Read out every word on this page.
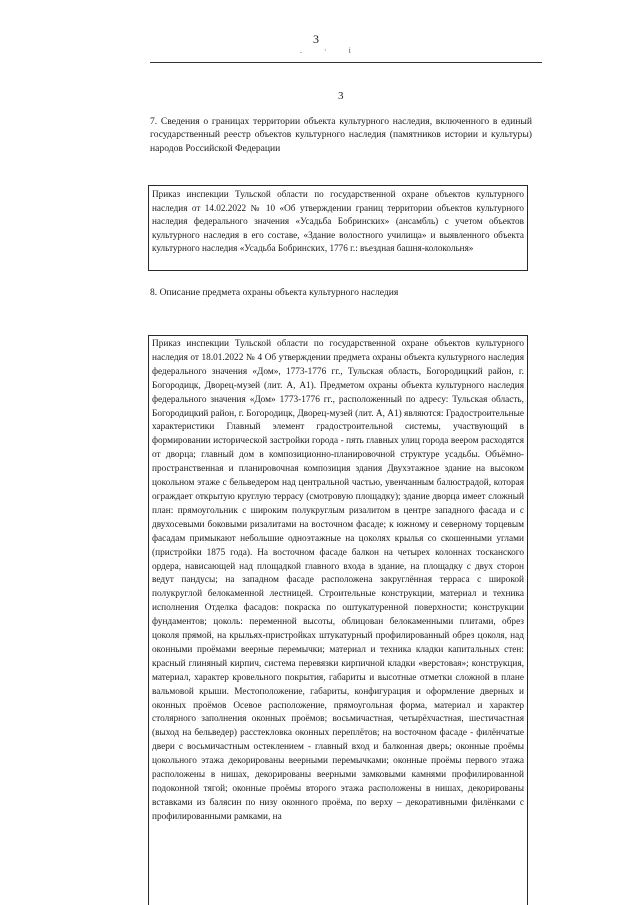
3
. · i
3
7. Сведения о границах территории объекта культурного наследия, включенного в единый государственный реестр объектов культурного наследия (памятников истории и культуры) народов Российской Федерации
Приказ инспекции Тульской области по государственной охране объектов культурного наследия от 14.02.2022 № 10 «Об утверждении границ территории объектов культурного наследия федерального значения «Усадьба Бобринских» (ансамбль) с учетом объектов культурного наследия в его составе, «Здание волостного училища» и выявленного объекта культурного наследия «Усадьба Бобринских, 1776 г.: въездная башня-колокольня»
8. Описание предмета охраны объекта культурного наследия
Приказ инспекции Тульской области по государственной охране объектов культурного наследия от 18.01.2022 № 4 Об утверждении предмета охраны объекта культурного наследия федерального значения «Дом», 1773-1776 гг., Тульская область, Богородицкий район, г. Богородицк, Дворец-музей (лит. А, А1). Предметом охраны объекта культурного наследия федерального значения «Дом» 1773-1776 гг., расположенный по адресу: Тульская область, Богородицкий район, г. Богородицк, Дворец-музей (лит. А, А1) являются: Градостроительные характеристики Главный элемент градостроительной системы, участвующий в формировании исторической застройки города - пять главных улиц города веером расходятся от дворца; главный дом в композиционно-планировочной структуре усадьбы. Объёмно-пространственная и планировочная композиция здания Двухэтажное здание на высоком цокольном этаже с бельведером над центральной частью, увенчанным балюстрадой, которая ограждает открытую круглую террасу (смотровую площадку); здание дворца имеет сложный план: прямоугольник с широким полукруглым ризалитом в центре западного фасада и с двухосевыми боковыми ризалитами на восточном фасаде; к южному и северному торцевым фасадам примыкают небольшие одноэтажные на цоколях крылья со скошенными углами (пристройки 1875 года). На восточном фасаде балкон на четырех колоннах тосканского ордера, нависающей над площадкой главного входа в здание, на площадку с двух сторон ведут пандусы; на западном фасаде расположена закруглённая терраса с широкой полукруглой белокаменной лестницей. Строительные конструкции, материал и техника исполнения Отделка фасадов: покраска по оштукатуренной поверхности; конструкции фундаментов; цоколь: переменной высоты, облицован белокаменными плитами, обрез цоколя прямой, на крыльях-пристройках штукатурный профилированный обрез цоколя, над оконными проёмами веерные перемычки; материал и техника кладки капитальных стен: красный глиняный кирпич, система перевязки кирпичной кладки «верстовая»; конструкция, материал, характер кровельного покрытия, габариты и высотные отметки сложной в плане вальмовой крыши. Местоположение, габариты, конфигурация и оформление дверных и оконных проёмов Осевое расположение, прямоугольная форма, материал и характер столярного заполнения оконных проёмов; восьмичастная, четырёхчастная, шестичастная (выход на бельведер) расстекловка оконных переплётов; на восточном фасаде - филёнчатые двери с восьмичастным остеклением - главный вход и балконная дверь; оконные проёмы цокольного этажа декорированы веерными перемычками; оконные проёмы первого этажа расположены в нишах, декорированы веерными замковыми камнями профилированной подоконной тягой; оконные проёмы второго этажа расположены в нишах, декорированы вставками из балясин по низу оконного проёма, по верху – декоративными филёнками с профилированными рамками, на
